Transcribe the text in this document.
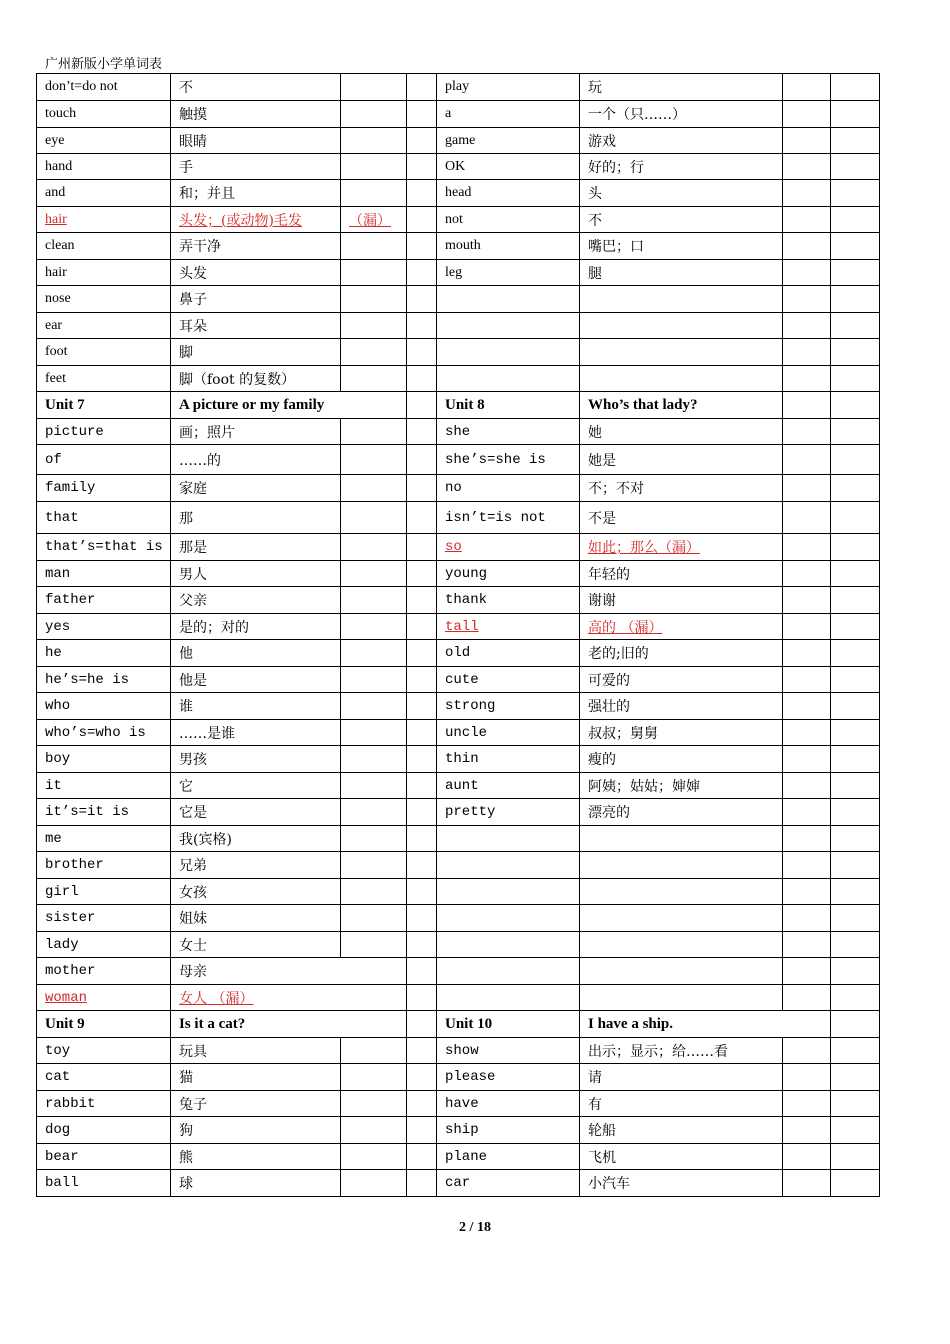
广州新版小学单词表
don’t=do not	不			play	玩		
touch	触摸			a	一个（只……）		
eye	眼睛			game	游戏		
hand	手			OK	好的；行		
and	和；并且			head	头		
hair	头发；(或动物)毛发	（漏）		not	不		
clean	弄干净			mouth	嘴巴；口		
hair	头发			leg	腿		
nose	鼻子						
ear	耳朵						
foot	脚						
feet	脚（foot 的复数）						
Unit 7	A picture or my family			Unit 8	Who’s that lady?		
picture	画；照片			she	她		
of	……的			she’s=she is	她是		
family	家庭			no	不；不对		
that	那			isn’t=is not	不是		
that’s=that is	那是			so	如此；那么（漏）		
man	男人			young	年轻的		
father	父亲			thank	谢谢		
yes	是的；对的			tall	高的 （漏）		
he	他			old	老的;旧的		
he’s=he is	他是			cute	可爱的		
who	谁			strong	强壮的		
who’s=who is	……是谁			uncle	叔叔；舅舅		
boy	男孩			thin	瘦的		
it	它			aunt	阿姨；姑姑；婶婶		
it’s=it is	它是			pretty	漂亮的		
me	我(宾格)						
brother	兄弟						
girl	女孩						
sister	姐妹						
lady	女士						
mother	母亲						
woman	女人 （漏）						
Unit 9	Is it a cat?			Unit 10	I have a ship.		
toy	玩具			show	出示；显示；给……看		
cat	猫			please	请		
rabbit	兔子			have	有		
dog	狗			ship	轮船		
bear	熊			plane	飞机		
ball	球			car	小汽车		
2 / 18
